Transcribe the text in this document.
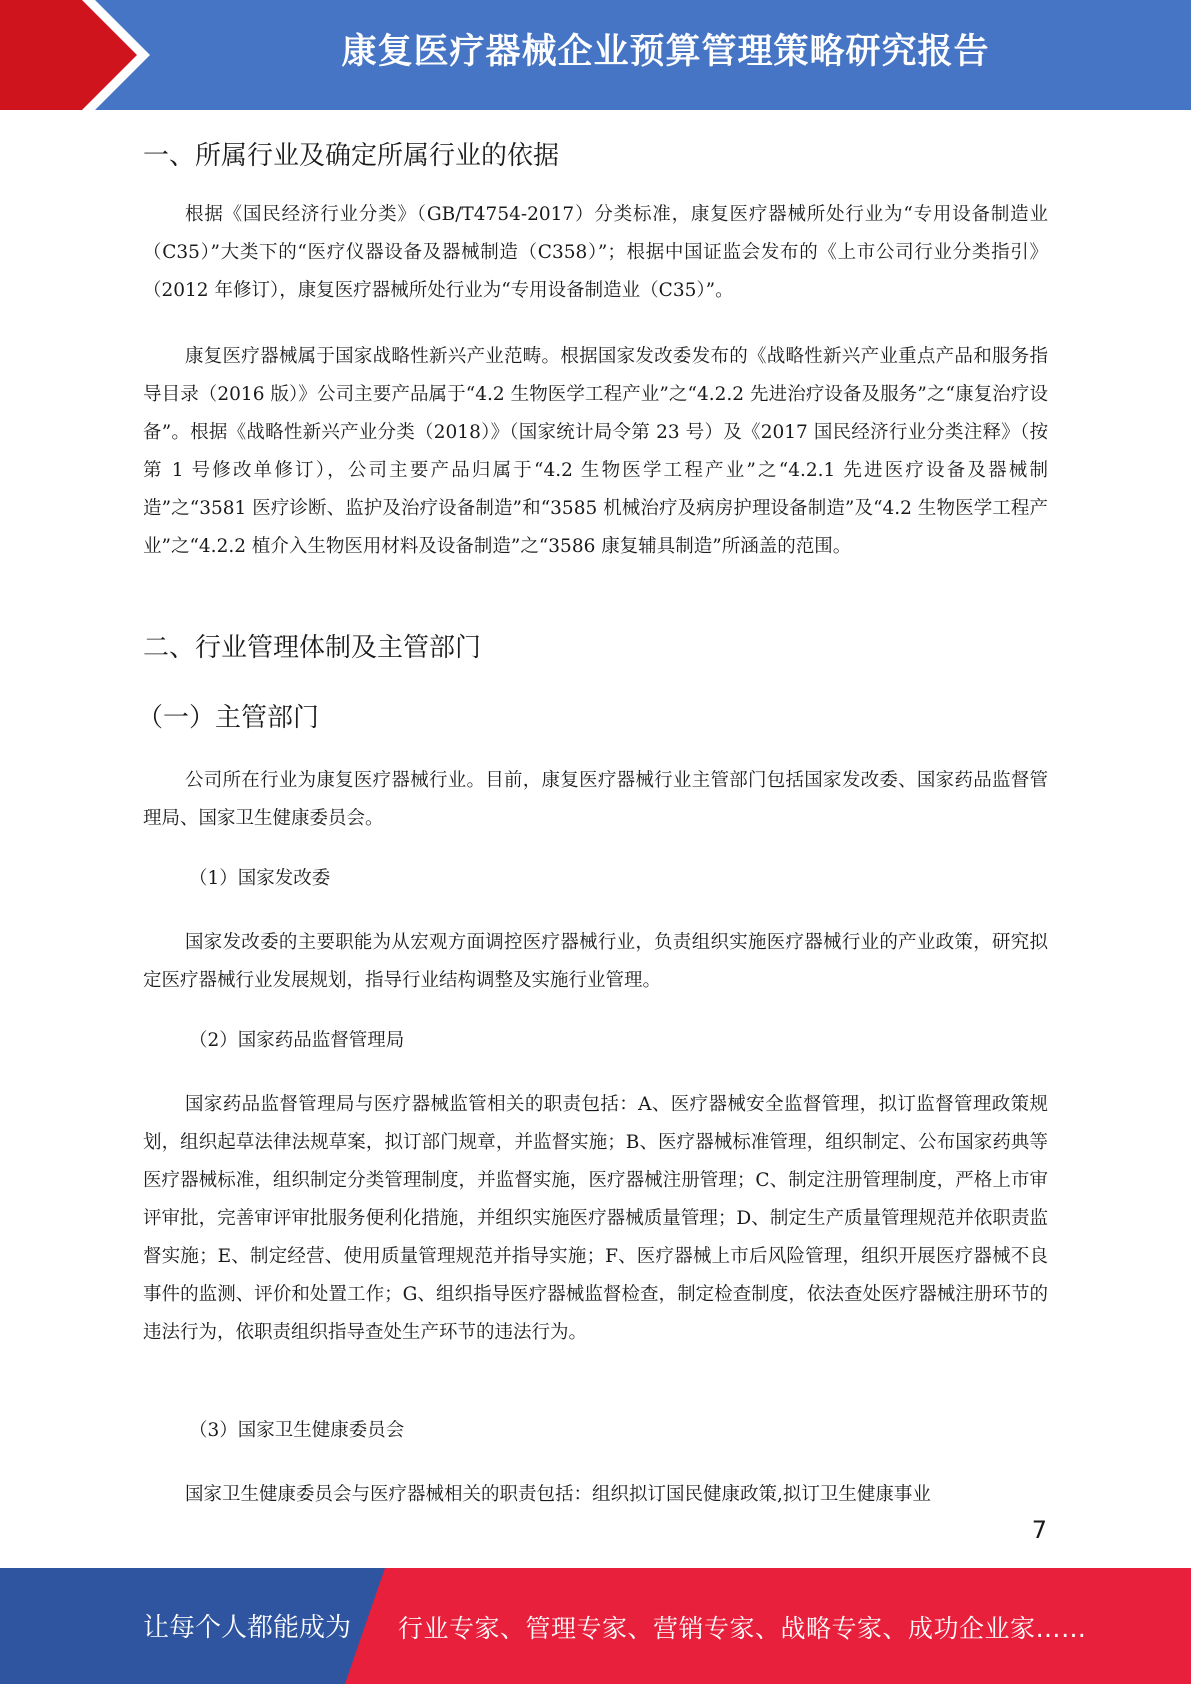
康复医疗器械企业预算管理策略研究报告
一、所属行业及确定所属行业的依据

根据《国民经济行业分类》（GB/T4754-2017）分类标准，康复医疗器械所处行业为“专用设备制造业（C35）”大类下的“医疗仪器设备及器械制造（C358）”；根据中国证监会发布的《上市公司行业分类指引》（2012 年修订），康复医疗器械所处行业为“专用设备制造业（C35）”。

康复医疗器械属于国家战略性新兴产业范畴。根据国家发改委发布的《战略性新兴产业重点产品和服务指导目录（2016 版）》公司主要产品属于“4.2 生物医学工程产业”之“4.2.2 先进治疗设备及服务”之“康复治疗设备”。根据《战略性新兴产业分类（2018）》（国家统计局令第 23 号）及《2017 国民经济行业分类注释》（按第 1 号修改单修订），公司主要产品归属于“4.2 生物医学工程产业”之“4.2.1 先进医疗设备及器械制造”之“3581 医疗诊断、监护及治疗设备制造”和“3585 机械治疗及病房护理设备制造”及“4.2 生物医学工程产业”之“4.2.2 植介入生物医用材料及设备制造”之“3586 康复辅具制造”所涵盖的范围。

二、行业管理体制及主管部门
（一）主管部门

公司所在行业为康复医疗器械行业。目前，康复医疗器械行业主管部门包括国家发改委、国家药品监督管理局、国家卫生健康委员会。

（1）国家发改委

国家发改委的主要职能为从宏观方面调控医疗器械行业，负责组织实施医疗器械行业的产业政策，研究拟定医疗器械行业发展规划，指导行业结构调整及实施行业管理。

（2）国家药品监督管理局

国家药品监督管理局与医疗器械监管相关的职责包括：A、医疗器械安全监督管理，拟订监督管理政策规划，组织起草法律法规草案，拟订部门规章，并监督实施；B、医疗器械标准管理，组织制定、公布国家药典等医疗器械标准，组织制定分类管理制度，并监督实施，医疗器械注册管理；C、制定注册管理制度，严格上市审评审批，完善审评审批服务便利化措施，并组织实施医疗器械质量管理；D、制定生产质量管理规范并依职责监督实施；E、制定经营、使用质量管理规范并指导实施；F、医疗器械上市后风险管理，组织开展医疗器械不良事件的监测、评价和处置工作；G、组织指导医疗器械监督检查，制定检查制度，依法查处医疗器械注册环节的违法行为，依职责组织指导查处生产环节的违法行为。

（3）国家卫生健康委员会

国家卫生健康委员会与医疗器械相关的职责包括：组织拟订国民健康政策,拟订卫生健康事业

7
让每个人都能成为 行业专家、管理专家、营销专家、战略专家、成功企业家……
